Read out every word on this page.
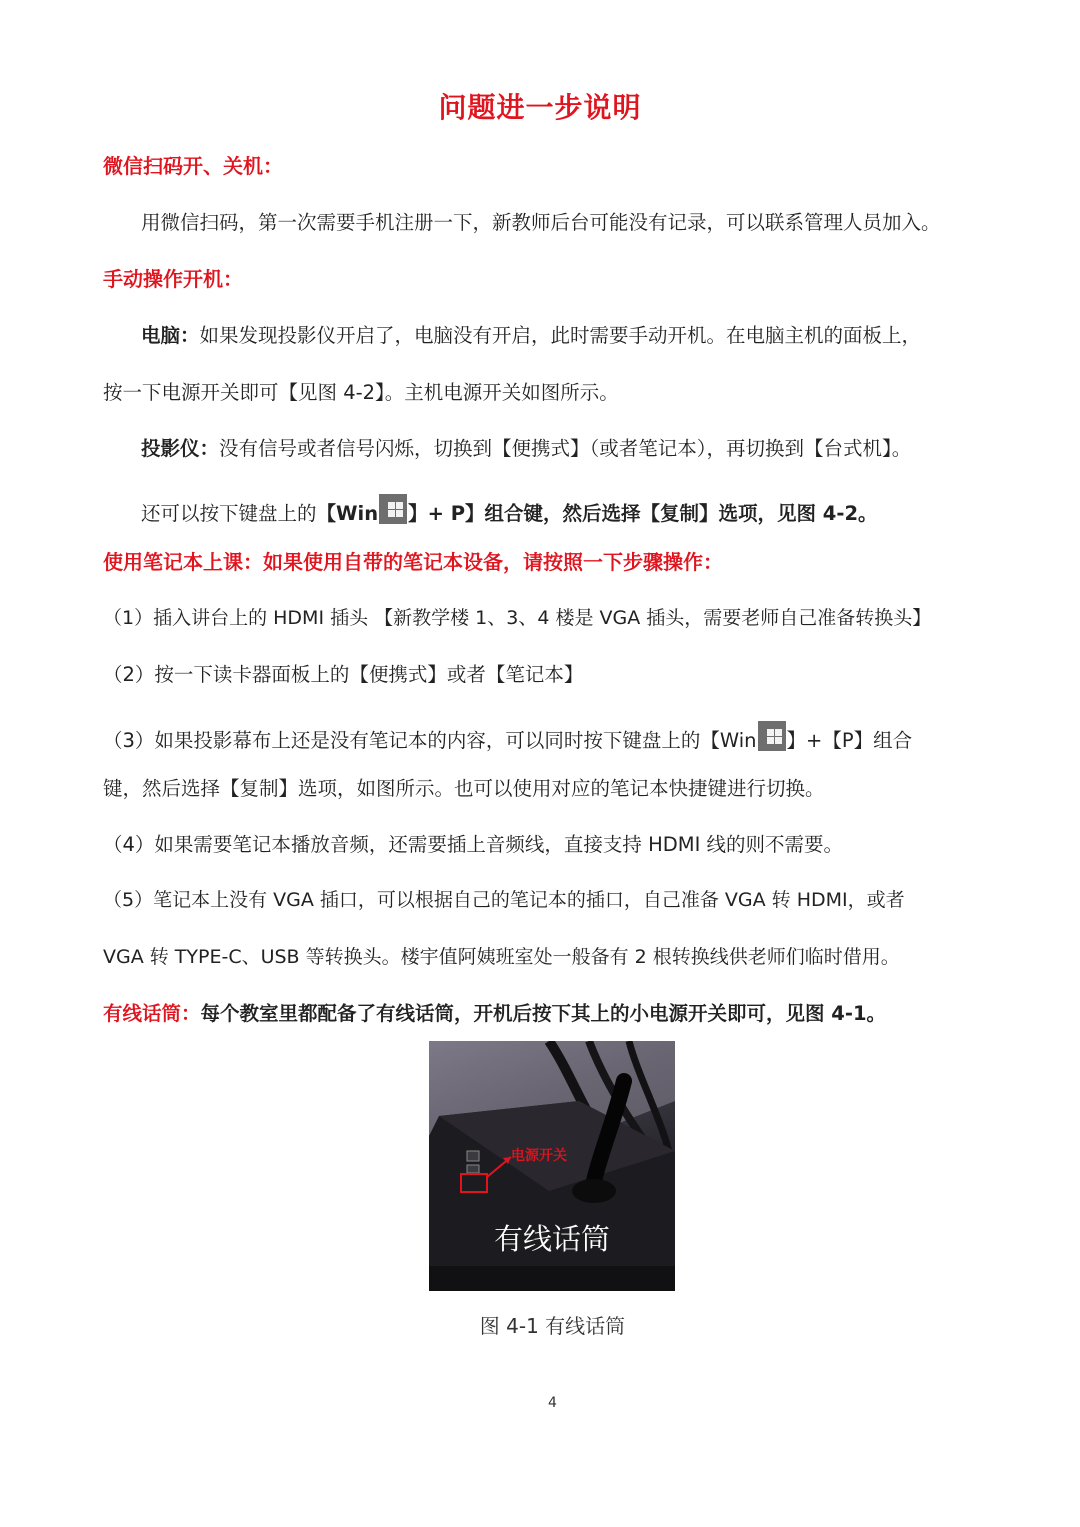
问题进一步说明
微信扫码开、关机：
用微信扫码，第一次需要手机注册一下，新教师后台可能没有记录，可以联系管理人员加入。
手动操作开机：
电脑：如果发现投影仪开启了，电脑没有开启，此时需要手动开机。在电脑主机的面板上，
按一下电源开关即可【见图 4-2】。主机电源开关如图所示。
投影仪：没有信号或者信号闪烁，切换到【便携式】（或者笔记本），再切换到【台式机】。
还可以按下键盘上的【Win 】+ P】组合键，然后选择【复制】选项，见图 4-2。
使用笔记本上课：如果使用自带的笔记本设备，请按照一下步骤操作：
（1）插入讲台上的 HDMI 插头 【新教学楼 1、3、4 楼是 VGA 插头，需要老师自己准备转换头】
（2）按一下读卡器面板上的【便携式】或者【笔记本】
（3）如果投影幕布上还是没有笔记本的内容，可以同时按下键盘上的【Win 】+【P】组合
键，然后选择【复制】选项，如图所示。也可以使用对应的笔记本快捷键进行切换。
（4）如果需要笔记本播放音频，还需要插上音频线，直接支持 HDMI 线的则不需要。
（5）笔记本上没有 VGA 插口，可以根据自己的笔记本的插口，自己准备 VGA 转 HDMI，或者
VGA 转 TYPE-C、USB 等转换头。楼宇值阿姨班室处一般备有 2 根转换线供老师们临时借用。
有线话筒：每个教室里都配备了有线话筒，开机后按下其上的小电源开关即可，见图 4-1。
电源开关
有线话筒
图 4-1 有线话筒
4
